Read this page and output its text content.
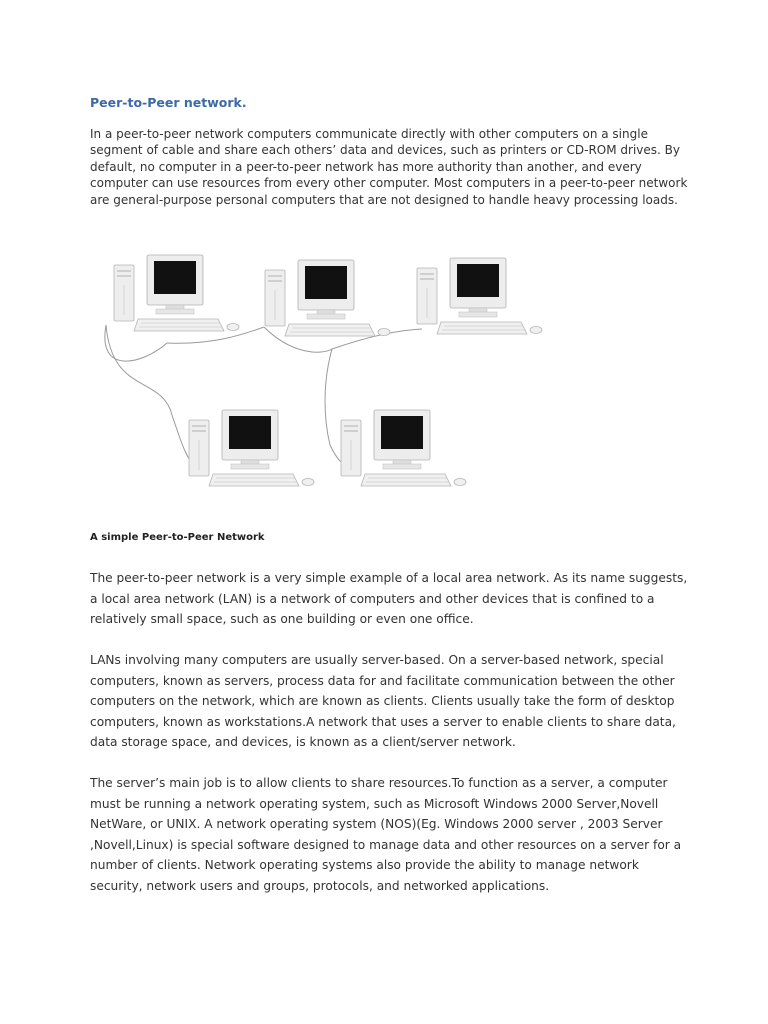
Peer-to-Peer network.

In a peer-to-peer network computers communicate directly with other computers on a single segment of cable and share each others’ data and devices, such as printers or CD-ROM drives. By default, no computer in a peer-to-peer network has more authority than another, and every computer can use resources from every other computer. Most computers in a peer-to-peer network are general-purpose personal computers that are not designed to handle heavy processing loads.

A simple Peer-to-Peer Network

The peer-to-peer network is a very simple example of a local area network. As its name suggests, a local area network (LAN) is a network of computers and other devices that is confined to a relatively small space, such as one building or even one office.

LANs involving many computers are usually server-based. On a server-based network, special computers, known as servers, process data for and facilitate communication between the other computers on the network, which are known as clients. Clients usually take the form of desktop computers, known as workstations.A network that uses a server to enable clients to share data, data storage space, and devices, is known as a client/server network.

The server’s main job is to allow clients to share resources.To function as a server, a computer must be running a network operating system, such as Microsoft Windows 2000 Server,Novell NetWare, or UNIX. A network operating system (NOS)(Eg. Windows 2000 server , 2003 Server ,Novell,Linux) is special software designed to manage data and other resources on a server for a number of clients. Network operating systems also provide the ability to manage network security, network users and groups, protocols, and networked applications.
